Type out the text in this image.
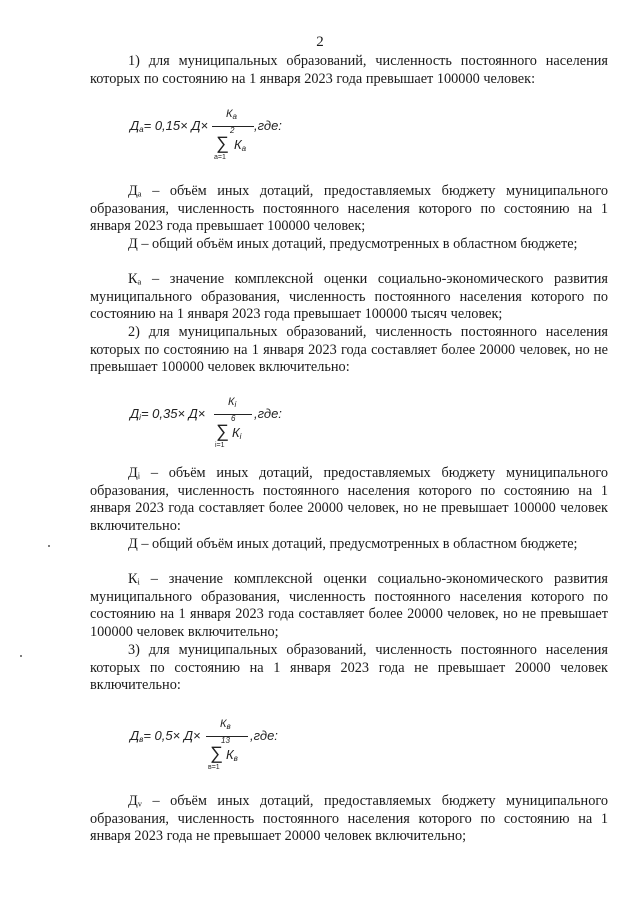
2

1) для муниципальных образований, численность постоянного населения которых по состоянию на 1 января 2023 года превышает 100000 человек:

$Д_а= 0,15\times Д\times$
$К_а$
2
∑ $К_а$
а=1
,где:

Дₐ – объём иных дотаций, предоставляемых бюджету муниципального образования, численность постоянного населения которого по состоянию на 1 января 2023 года превышает 100000 человек;

Д – общий объём иных дотаций, предусмотренных в областном бюджете;

Кₐ – значение комплексной оценки социально-экономического развития муниципального образования, численность постоянного населения которого по состоянию на 1 января 2023 года превышает 100000 тысяч человек;

2) для муниципальных образований, численность постоянного населения которых по состоянию на 1 января 2023 года составляет более 20000 человек, но не превышает 100000 человек включительно:

$Д_i= 0,35\times Д\times$
$К_i$
6
∑ $К_i$
i=1
,где:

Дᵢ – объём иных дотаций, предоставляемых бюджету муниципального образования, численность постоянного населения которого по состоянию на 1 января 2023 года составляет более 20000 человек, но не превышает 100000 человек включительно:

Д – общий объём иных дотаций, предусмотренных в областном бюджете;

Кᵢ – значение комплексной оценки социально-экономического развития муниципального образования, численность постоянного населения которого по состоянию на 1 января 2023 года составляет более 20000 человек, но не превышает 100000 человек включительно;

3) для муниципальных образований, численность постоянного населения которых по состоянию на 1 января 2023 года не превышает 20000 человек включительно:

$Д_в= 0,5\times Д\times$
$К_в$
13
∑ $К_в$
в=1
,где:

Дᵥ – объём иных дотаций, предоставляемых бюджету муниципального образования, численность постоянного населения которого по состоянию на 1 января 2023 года не превышает 20000 человек включительно;
